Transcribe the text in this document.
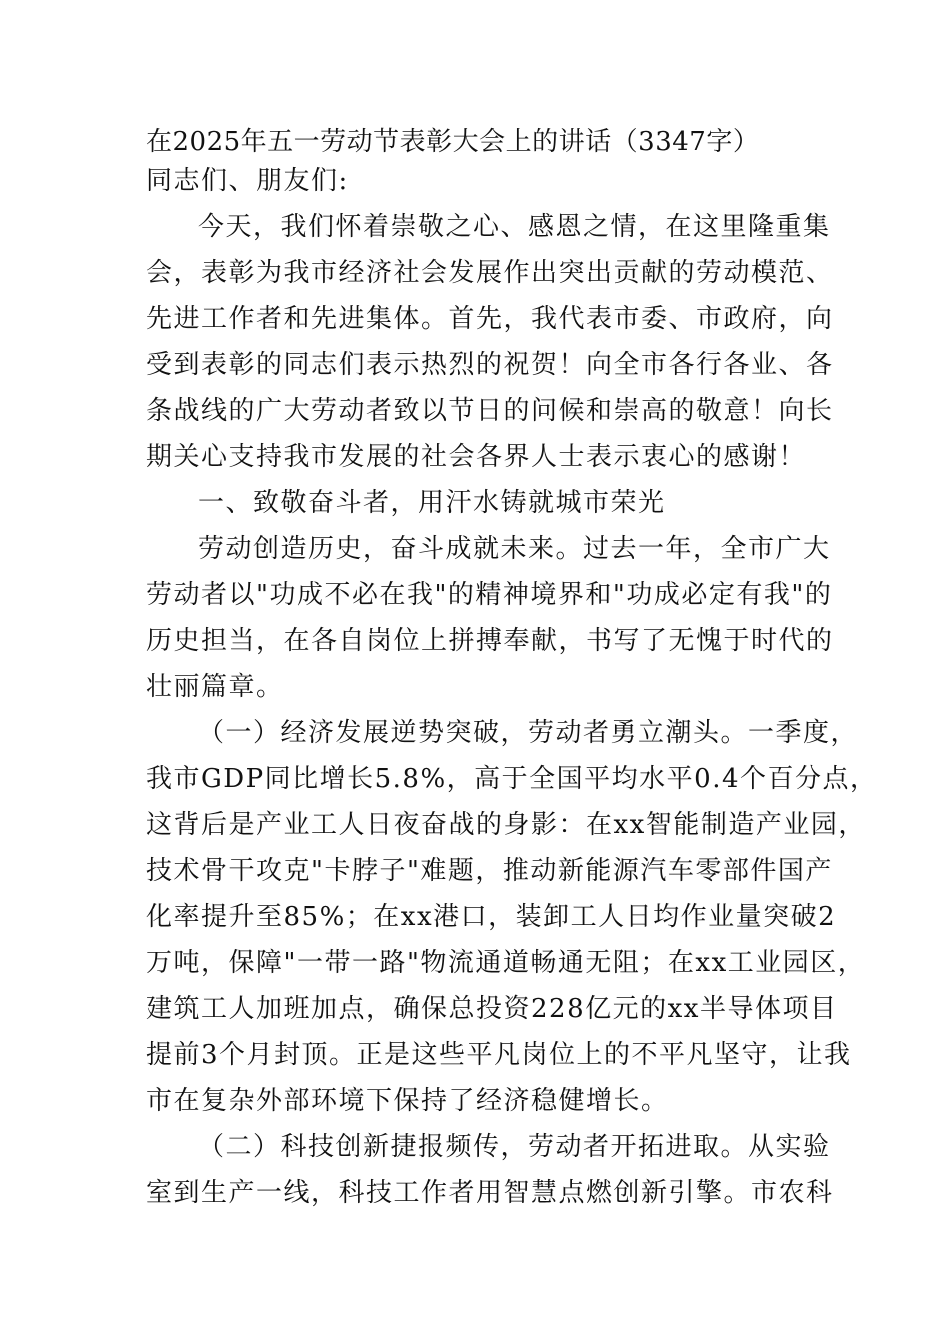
在2025年五一劳动节表彰大会上的讲话（3347字）
同志们、朋友们:
今天，我们怀着崇敬之心、感恩之情，在这里隆重集
会，表彰为我市经济社会发展作出突出贡献的劳动模范、
先进工作者和先进集体。首先，我代表市委、市政府，向
受到表彰的同志们表示热烈的祝贺！向全市各行各业、各
条战线的广大劳动者致以节日的问候和崇高的敬意！向长
期关心支持我市发展的社会各界人士表示衷心的感谢！
一、致敬奋斗者，用汗水铸就城市荣光
劳动创造历史，奋斗成就未来。过去一年，全市广大
劳动者以"功成不必在我"的精神境界和"功成必定有我"的
历史担当，在各自岗位上拼搏奉献，书写了无愧于时代的
壮丽篇章。
（一）经济发展逆势突破，劳动者勇立潮头。一季度，
我市GDP同比增长5.8%，高于全国平均水平0.4个百分点，
这背后是产业工人日夜奋战的身影：在xx智能制造产业园，
技术骨干攻克"卡脖子"难题，推动新能源汽车零部件国产
化率提升至85%；在xx港口，装卸工人日均作业量突破2
万吨，保障"一带一路"物流通道畅通无阻；在xx工业园区，
建筑工人加班加点，确保总投资228亿元的xx半导体项目
提前3个月封顶。正是这些平凡岗位上的不平凡坚守，让我
市在复杂外部环境下保持了经济稳健增长。
（二）科技创新捷报频传，劳动者开拓进取。从实验
室到生产一线，科技工作者用智慧点燃创新引擎。市农科
